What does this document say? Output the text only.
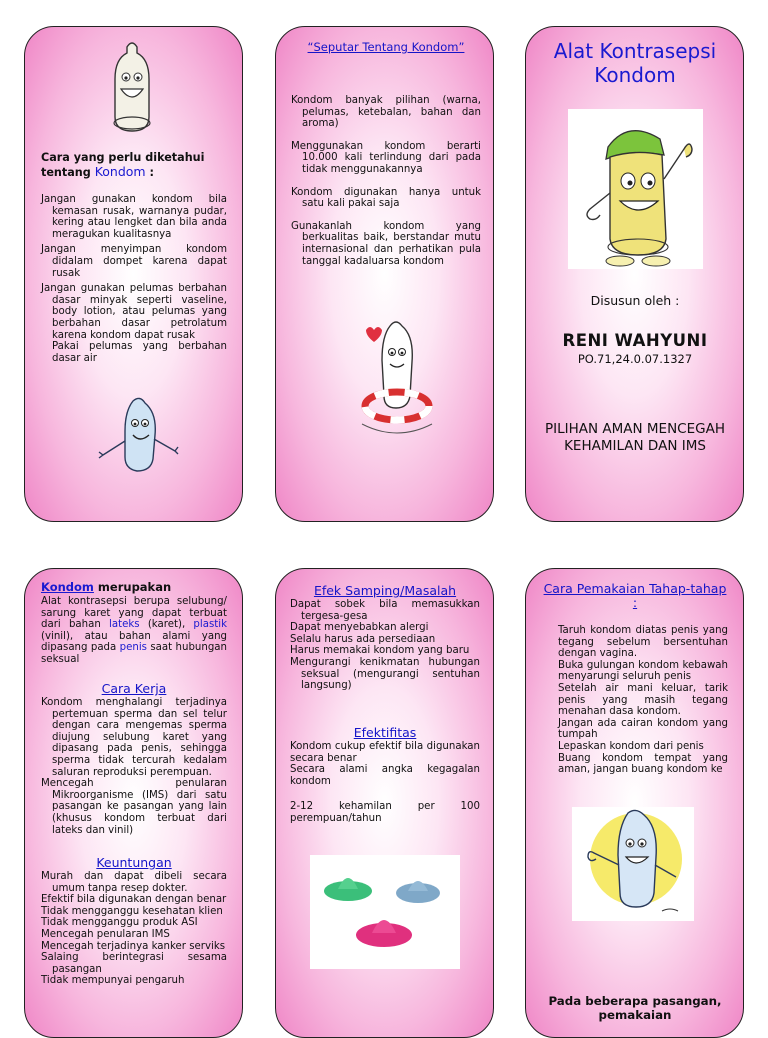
Cara yang perlu diketahui tentang Kondom :

Jangan gunakan kondom bila kemasan rusak, warnanya pudar, kering atau lengket dan bila anda meragukan kualitasnya

Jangan menyimpan kondom didalam dompet karena dapat rusak

Jangan gunakan pelumas berbahan dasar minyak seperti vaseline, body lotion, atau pelumas yang berbahan dasar petrolatum karena kondom dapat rusak

Pakai pelumas yang berbahan dasar air

“Seputar Tentang Kondom”

Kondom banyak pilihan (warna, pelumas, ketebalan, bahan dan aroma)

Menggunakan kondom berarti 10.000 kali terlindung dari pada tidak menggunakannya

Kondom digunakan hanya untuk satu kali pakai saja

Gunakanlah kondom yang berkualitas baik, berstandar mutu internasional dan perhatikan pula tanggal kadaluarsa kondom

Alat Kontrasepsi Kondom
Disusun oleh :
RENI WAHYUNI
PO.71,24.0.07.1327
PILIHAN AMAN MENCEGAH KEHAMILAN DAN IMS
Kondom merupakan
Alat kontrasepsi berupa selubung/ sarung karet yang dapat terbuat dari bahan lateks (karet), plastik (vinil), atau bahan alami yang dipasang pada penis saat hubungan seksual
Cara Kerja

Kondom menghalangi terjadinya pertemuan sperma dan sel telur dengan cara mengemas sperma diujung selubung karet yang dipasang pada penis, sehingga sperma tidak tercurah kedalam saluran reproduksi perempuan.

Mencegah penularan Mikroorganisme (IMS) dari satu pasangan ke pasangan yang lain (khusus kondom terbuat dari lateks dan vinil)

Keuntungan

Murah dan dapat dibeli secara umum tanpa resep dokter.

Efektif bila digunakan dengan benar

Tidak mengganggu kesehatan klien

Tidak mengganggu produk ASI

Mencegah penularan IMS

Mencegah terjadinya kanker serviks

Salaing berintegrasi sesama pasangan

Tidak mempunyai pengaruh

Efek Samping/Masalah

Dapat sobek bila memasukkan tergesa-gesa

Dapat menyebabkan alergi

Selalu harus ada persediaan

Harus memakai kondom yang baru

Mengurangi kenikmatan hubungan seksual (mengurangi sentuhan langsung)

Efektifitas

Kondom cukup efektif bila digunakan secara benar

Secara alami angka kegagalan kondom

2-12 kehamilan per 100 perempuan/tahun

Cara Pemakaian Tahap-tahap :

Taruh kondom diatas penis yang tegang sebelum bersentuhan dengan vagina.

Buka gulungan kondom kebawah menyarungi seluruh penis

Setelah air mani keluar, tarik penis yang masih tegang menahan dasa kondom.

Jangan ada cairan kondom yang tumpah

Lepaskan kondom dari penis

Buang kondom tempat yang aman, jangan buang kondom ke

Pada beberapa pasangan, pemakaian
